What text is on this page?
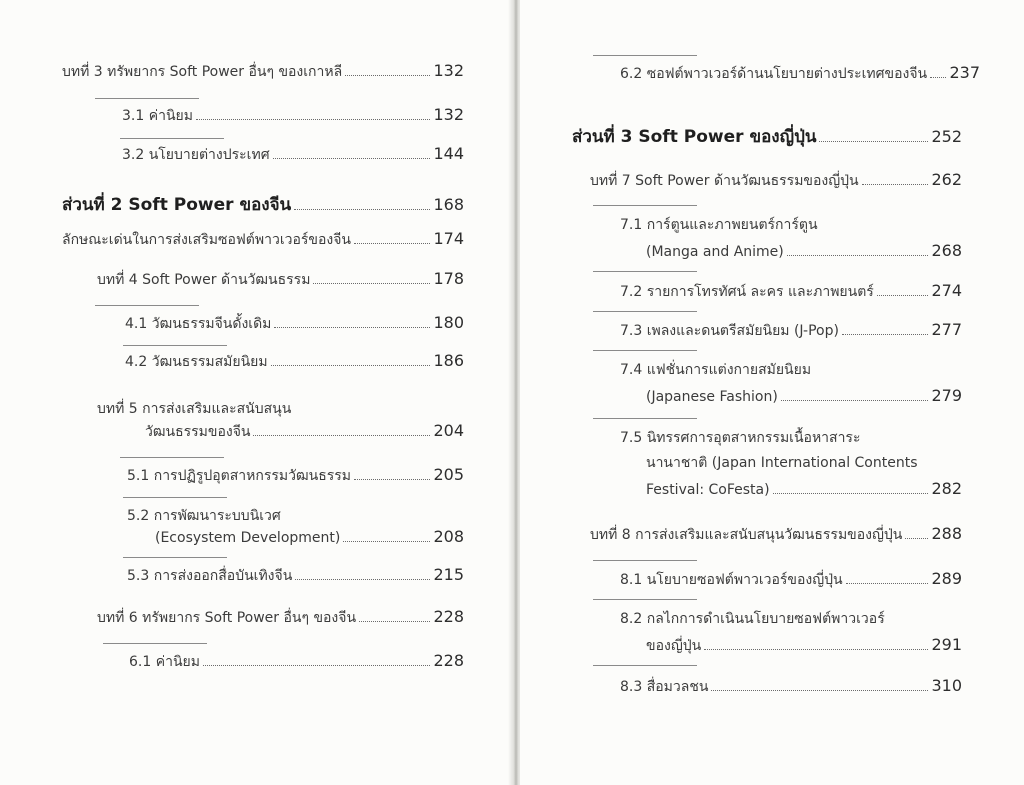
บทที่ 3 ทรัพยากร Soft Power อื่นๆ ของเกาหลี	132
3.1 ค่านิยม	132
3.2 นโยบายต่างประเทศ	144
ส่วนที่ 2 Soft Power ของจีน	168
ลักษณะเด่นในการส่งเสริมซอฟต์พาวเวอร์ของจีน	174
บทที่ 4 Soft Power ด้านวัฒนธรรม	178
4.1 วัฒนธรรมจีนดั้งเดิม	180
4.2 วัฒนธรรมสมัยนิยม	186
บทที่ 5 การส่งเสริมและสนับสนุน
วัฒนธรรมของจีน	204
5.1 การปฏิรูปอุตสาหกรรมวัฒนธรรม	205
5.2 การพัฒนาระบบนิเวศ
(Ecosystem Development)	208
5.3 การส่งออกสื่อบันเทิงจีน	215
บทที่ 6 ทรัพยากร Soft Power อื่นๆ ของจีน	228
6.1 ค่านิยม	228
6.2 ซอฟต์พาวเวอร์ด้านนโยบายต่างประเทศของจีน 237
ส่วนที่ 3 Soft Power ของญี่ปุ่น	252
บทที่ 7 Soft Power ด้านวัฒนธรรมของญี่ปุ่น	262
7.1 การ์ตูนและภาพยนตร์การ์ตูน
(Manga and Anime)	268
7.2 รายการโทรทัศน์ ละคร และภาพยนตร์	274
7.3 เพลงและดนตรีสมัยนิยม (J-Pop)	277
7.4 แฟชั่นการแต่งกายสมัยนิยม
(Japanese Fashion)	279
7.5 นิทรรศการอุตสาหกรรมเนื้อหาสาระ
นานาชาติ (Japan International Contents
Festival: CoFesta)	282
บทที่ 8 การส่งเสริมและสนับสนุนวัฒนธรรมของญี่ปุ่น 288
8.1 นโยบายซอฟต์พาวเวอร์ของญี่ปุ่น	289
8.2 กลไกการดำเนินนโยบายซอฟต์พาวเวอร์
ของญี่ปุ่น	291
8.3 สื่อมวลชน	310
